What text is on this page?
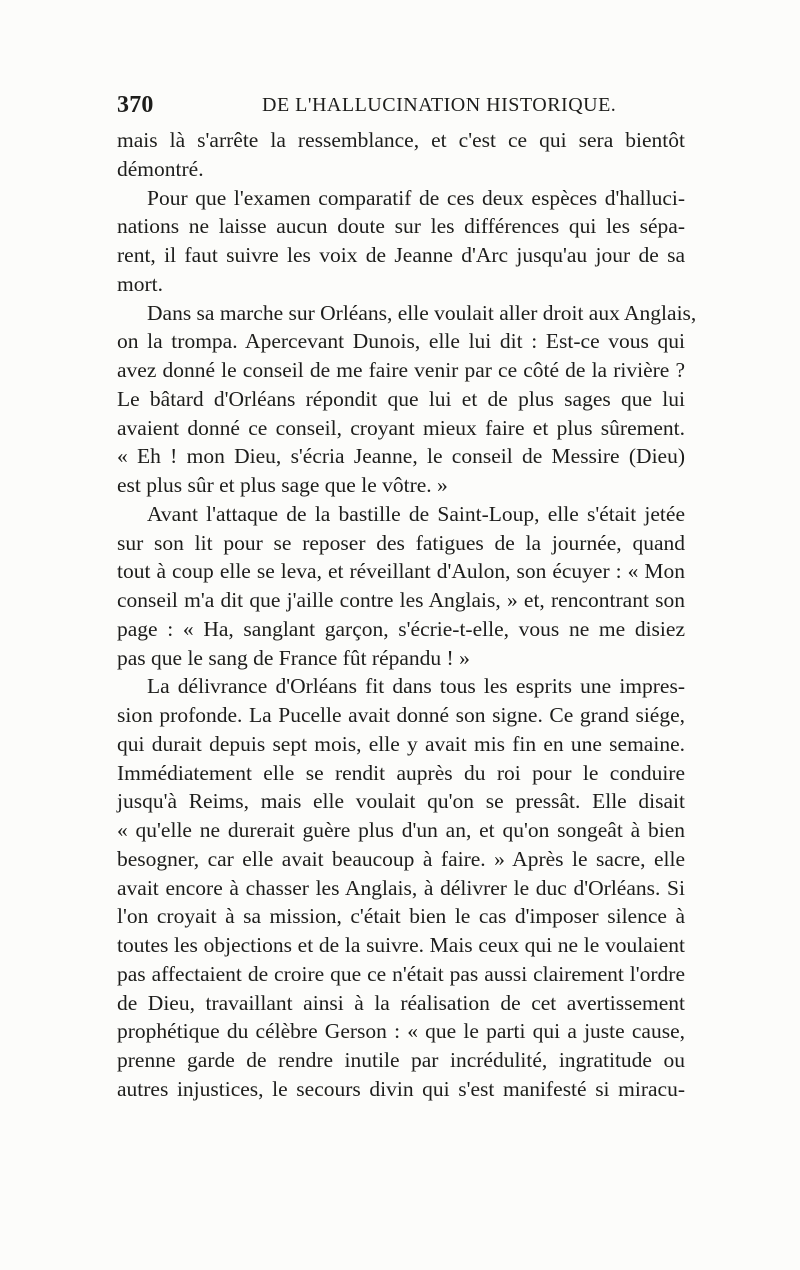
370	DE L'HALLUCINATION HISTORIQUE.
mais là s'arrête la ressemblance, et c'est ce qui sera bientôt
démontré.
Pour que l'examen comparatif de ces deux espèces d'halluci-
nations ne laisse aucun doute sur les différences qui les sépa-
rent, il faut suivre les voix de Jeanne d'Arc jusqu'au jour de sa
mort.
Dans sa marche sur Orléans, elle voulait aller droit aux Anglais,
on la trompa. Apercevant Dunois, elle lui dit : Est-ce vous qui
avez donné le conseil de me faire venir par ce côté de la rivière ?
Le bâtard d'Orléans répondit que lui et de plus sages que lui
avaient donné ce conseil, croyant mieux faire et plus sûrement.
« Eh ! mon Dieu, s'écria Jeanne, le conseil de Messire (Dieu)
est plus sûr et plus sage que le vôtre. »
Avant l'attaque de la bastille de Saint-Loup, elle s'était jetée
sur son lit pour se reposer des fatigues de la journée, quand
tout à coup elle se leva, et réveillant d'Aulon, son écuyer : « Mon
conseil m'a dit que j'aille contre les Anglais, » et, rencontrant son
page : « Ha, sanglant garçon, s'écrie-t-elle, vous ne me disiez
pas que le sang de France fût répandu ! »
La délivrance d'Orléans fit dans tous les esprits une impres-
sion profonde. La Pucelle avait donné son signe. Ce grand siége,
qui durait depuis sept mois, elle y avait mis fin en une semaine.
Immédiatement elle se rendit auprès du roi pour le conduire
jusqu'à Reims, mais elle voulait qu'on se pressât. Elle disait
« qu'elle ne durerait guère plus d'un an, et qu'on songeât à bien
besogner, car elle avait beaucoup à faire. » Après le sacre, elle
avait encore à chasser les Anglais, à délivrer le duc d'Orléans. Si
l'on croyait à sa mission, c'était bien le cas d'imposer silence à
toutes les objections et de la suivre. Mais ceux qui ne le voulaient
pas affectaient de croire que ce n'était pas aussi clairement l'ordre
de Dieu, travaillant ainsi à la réalisation de cet avertissement
prophétique du célèbre Gerson : « que le parti qui a juste cause,
prenne garde de rendre inutile par incrédulité, ingratitude ou
autres injustices, le secours divin qui s'est manifesté si miracu-
